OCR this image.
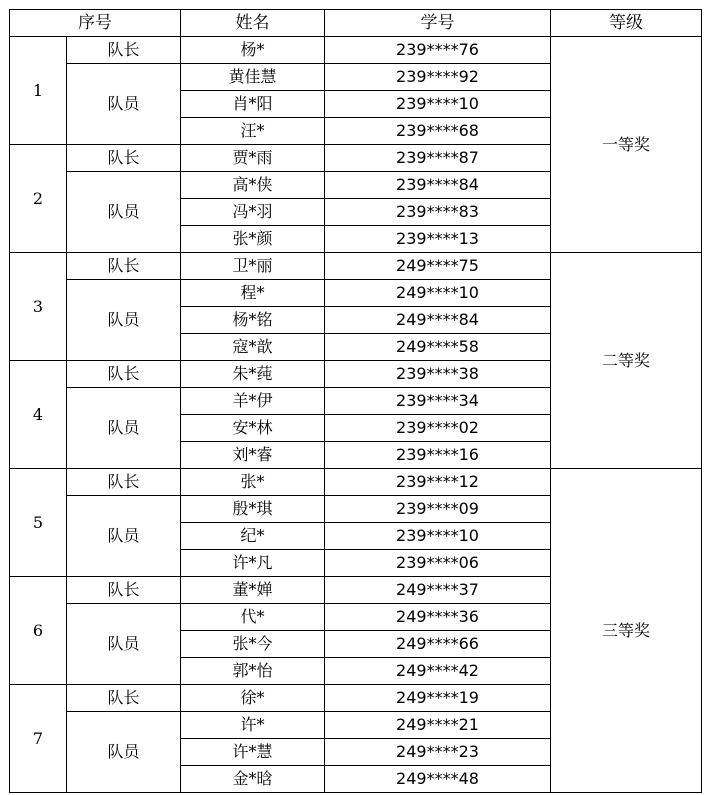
序号		姓名	学号	等级
1	队长	杨*	239****76	一等奖
	队员	黄佳慧	239****92	
		肖*阳	239****10	
		汪*	239****68	
2	队长	贾*雨	239****87	
	队员	高*侠	239****84	
		冯*羽	239****83	
		张*颜	239****13	
3	队长	卫*丽	249****75	二等奖
	队员	程*	249****10	
		杨*铭	249****84	
		寇*歆	249****58	
4	队长	朱*莼	239****38	
	队员	羊*伊	239****34	
		安*林	239****02	
		刘*睿	239****16	
5	队长	张*	239****12	三等奖
	队员	殷*琪	239****09	
		纪*	239****10	
		许*凡	239****06	
6	队长	董*婵	249****37	
	队员	代*	249****36	
		张*今	249****66	
		郭*怡	249****42	
7	队长	徐*	249****19	
	队员	许*	249****21	
		许*慧	249****23	
		金*晗	249****48	
